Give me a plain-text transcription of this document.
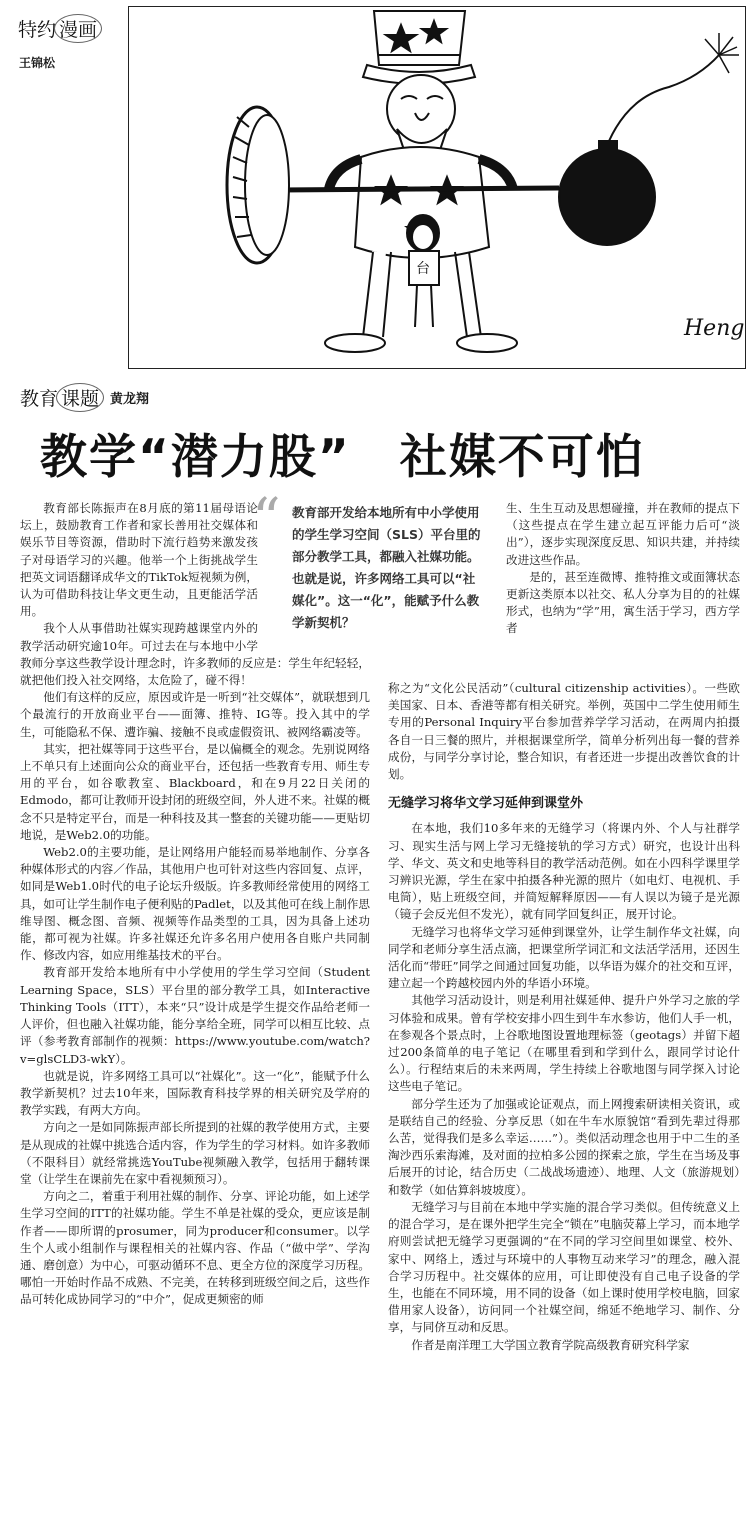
特约 漫画
王锦松
台
Heng
教育 课题 黄龙翔
教学“潜力股”　社媒不可怕
“ 教育部开发给本地所有中小学使用的学生学习空间（SLS）平台里的部分教学工具，都融入社媒功能。也就是说，许多网络工具可以“社媒化”。这一“化”，能赋予什么教学新契机？

教育部长陈振声在8月底的第11届母语论坛上，鼓励教育工作者和家长善用社交媒体和娱乐节目等资源，借助时下流行趋势来激发孩子对母语学习的兴趣。他举一个上街挑战学生把英文词语翻译成华文的TikTok短视频为例，认为可借助科技让华文更生动，且更能活学活用。

我个人从事借助社媒实现跨越课堂内外的教学活动研究逾10年。可过去在与本地中小学教师分享这些教学设计理念时，许多教师的反应是：学生年纪轻轻，就把他们投入社交网络，太危险了，碰不得！

他们有这样的反应，原因或许是一听到“社交媒体”，就联想到几个最流行的开放商业平台——面簿、推特、IG等。投入其中的学生，可能隐私不保、遭诈骗、接触不良或虚假资讯、被网络霸凌等。

其实，把社媒等同于这些平台，是以偏概全的观念。先别说网络上不单只有上述面向公众的商业平台，还包括一些教育专用、师生专用的平台，如谷歌教室、Blackboard，和在9月22日关闭的Edmodo，都可让教师开设封闭的班级空间，外人进不来。社媒的概念不只是特定平台，而是一种科技及其一整套的关键功能——更贴切地说，是Web2.0的功能。

Web2.0的主要功能，是让网络用户能轻而易举地制作、分享各种媒体形式的内容／作品，其他用户也可针对这些内容回复、点评，如同是Web1.0时代的电子论坛升级版。许多教师经常使用的网络工具，如可让学生制作电子便利贴的Padlet，以及其他可在线上制作思维导图、概念图、音频、视频等作品类型的工具，因为具备上述功能，都可视为社媒。许多社媒还允许多名用户使用各自账户共同制作、修改内容，如应用维基技术的平台。

教育部开发给本地所有中小学使用的学生学习空间（Student Learning Space，SLS）平台里的部分教学工具，如Interactive Thinking Tools（ITT），本来“只”设计成是学生提交作品给老师一人评价，但也融入社媒功能，能分享给全班，同学可以相互比较、点评（参考教育部制作的视频：https://www.youtube.com/watch?v=glsCLD3-wkY）。

也就是说，许多网络工具可以“社媒化”。这一“化”，能赋予什么教学新契机？过去10年来，国际教育科技学界的相关研究及学府的教学实践，有两大方向。

方向之一是如同陈振声部长所提到的社媒的教学使用方式，主要是从现成的社媒中挑选合适内容，作为学生的学习材料。如许多教师（不限科目）就经常挑选YouTube视频融入教学，包括用于翻转课堂（让学生在课前先在家中看视频预习）。

方向之二，着重于利用社媒的制作、分享、评论功能，如上述学生学习空间的ITT的社媒功能。学生不单是社媒的受众，更应该是制作者——即所谓的prosumer，同为producer和consumer。以学生个人或小组制作与课程相关的社媒内容、作品（“做中学”、学沟通、磨创意）为中心，可驱动循环不息、更全方位的深度学习历程。哪怕一开始时作品不成熟、不完美，在转移到班级空间之后，这些作品可转化成协同学习的“中介”，促成更频密的师

生、生生互动及思想碰撞，并在教师的提点下（这些提点在学生建立起互评能力后可“淡出”），逐步实现深度反思、知识共建，并持续改进这些作品。

是的，甚至连微博、推特推文或面簿状态更新这类原本以社交、私人分享为目的的社媒形式，也纳为“学”用，寓生活于学习，西方学者

称之为“文化公民活动”（cultural citizenship activities）。一些欧美国家、日本、香港等都有相关研究。举例，英国中二学生使用师生专用的Personal Inquiry平台参加营养学学习活动，在两周内拍摄各自一日三餐的照片，并根据课堂所学，简单分析列出每一餐的营养成份，与同学分享讨论，整合知识，有者还进一步提出改善饮食的计划。

无缝学习将华文学习延伸到课堂外

在本地，我们10多年来的无缝学习（将课内外、个人与社群学习、现实生活与网上学习无缝接轨的学习方式）研究，也设计出科学、华文、英文和史地等科目的教学活动范例。如在小四科学课里学习辨识光源，学生在家中拍摄各种光源的照片（如电灯、电视机、手电筒），贴上班级空间，并简短解释原因——有人误以为镜子是光源（镜子会反光但不发光），就有同学回复纠正，展开讨论。

无缝学习也将华文学习延伸到课堂外，让学生制作华文社媒，向同学和老师分享生活点滴，把课堂所学词汇和文法活学活用，还因生活化而“带旺”同学之间通过回复功能，以华语为媒介的社交和互评，建立起一个跨越校园内外的华语小环境。

其他学习活动设计，则是利用社媒延伸、提升户外学习之旅的学习体验和成果。曾有学校安排小四生到牛车水参访，他们人手一机，在参观各个景点时，上谷歌地图设置地理标签（geotags）并留下超过200条简单的电子笔记（在哪里看到和学到什么，跟同学讨论什么）。行程结束后的未来两周，学生持续上谷歌地图与同学探入讨论这些电子笔记。

部分学生还为了加强或论证观点，而上网搜索研读相关资讯，或是联结自己的经验、分享反思（如在牛车水原貌馆“看到先辈过得那么苦，觉得我们是多么幸运……”）。类似活动理念也用于中二生的圣淘沙西乐索海滩，及对面的拉柏多公园的探索之旅，学生在当场及事后展开的讨论，结合历史（二战战场遗迹）、地理、人文（旅游规划）和数学（如估算斜坡坡度）。

无缝学习与目前在本地中学实施的混合学习类似。但传统意义上的混合学习，是在课外把学生完全“锁在”电脑荧幕上学习，而本地学府则尝试把无缝学习更强调的“在不同的学习空间里如课堂、校外、家中、网络上，透过与环境中的人事物互动来学习”的理念，融入混合学习历程中。社交媒体的应用，可让即使没有自己电子设备的学生，也能在不同环境，用不同的设备（如上课时使用学校电脑，回家借用家人设备），访问同一个社媒空间，绵延不绝地学习、制作、分享，与同侪互动和反思。

作者是南洋理工大学国立教育学院高级教育研究科学家
